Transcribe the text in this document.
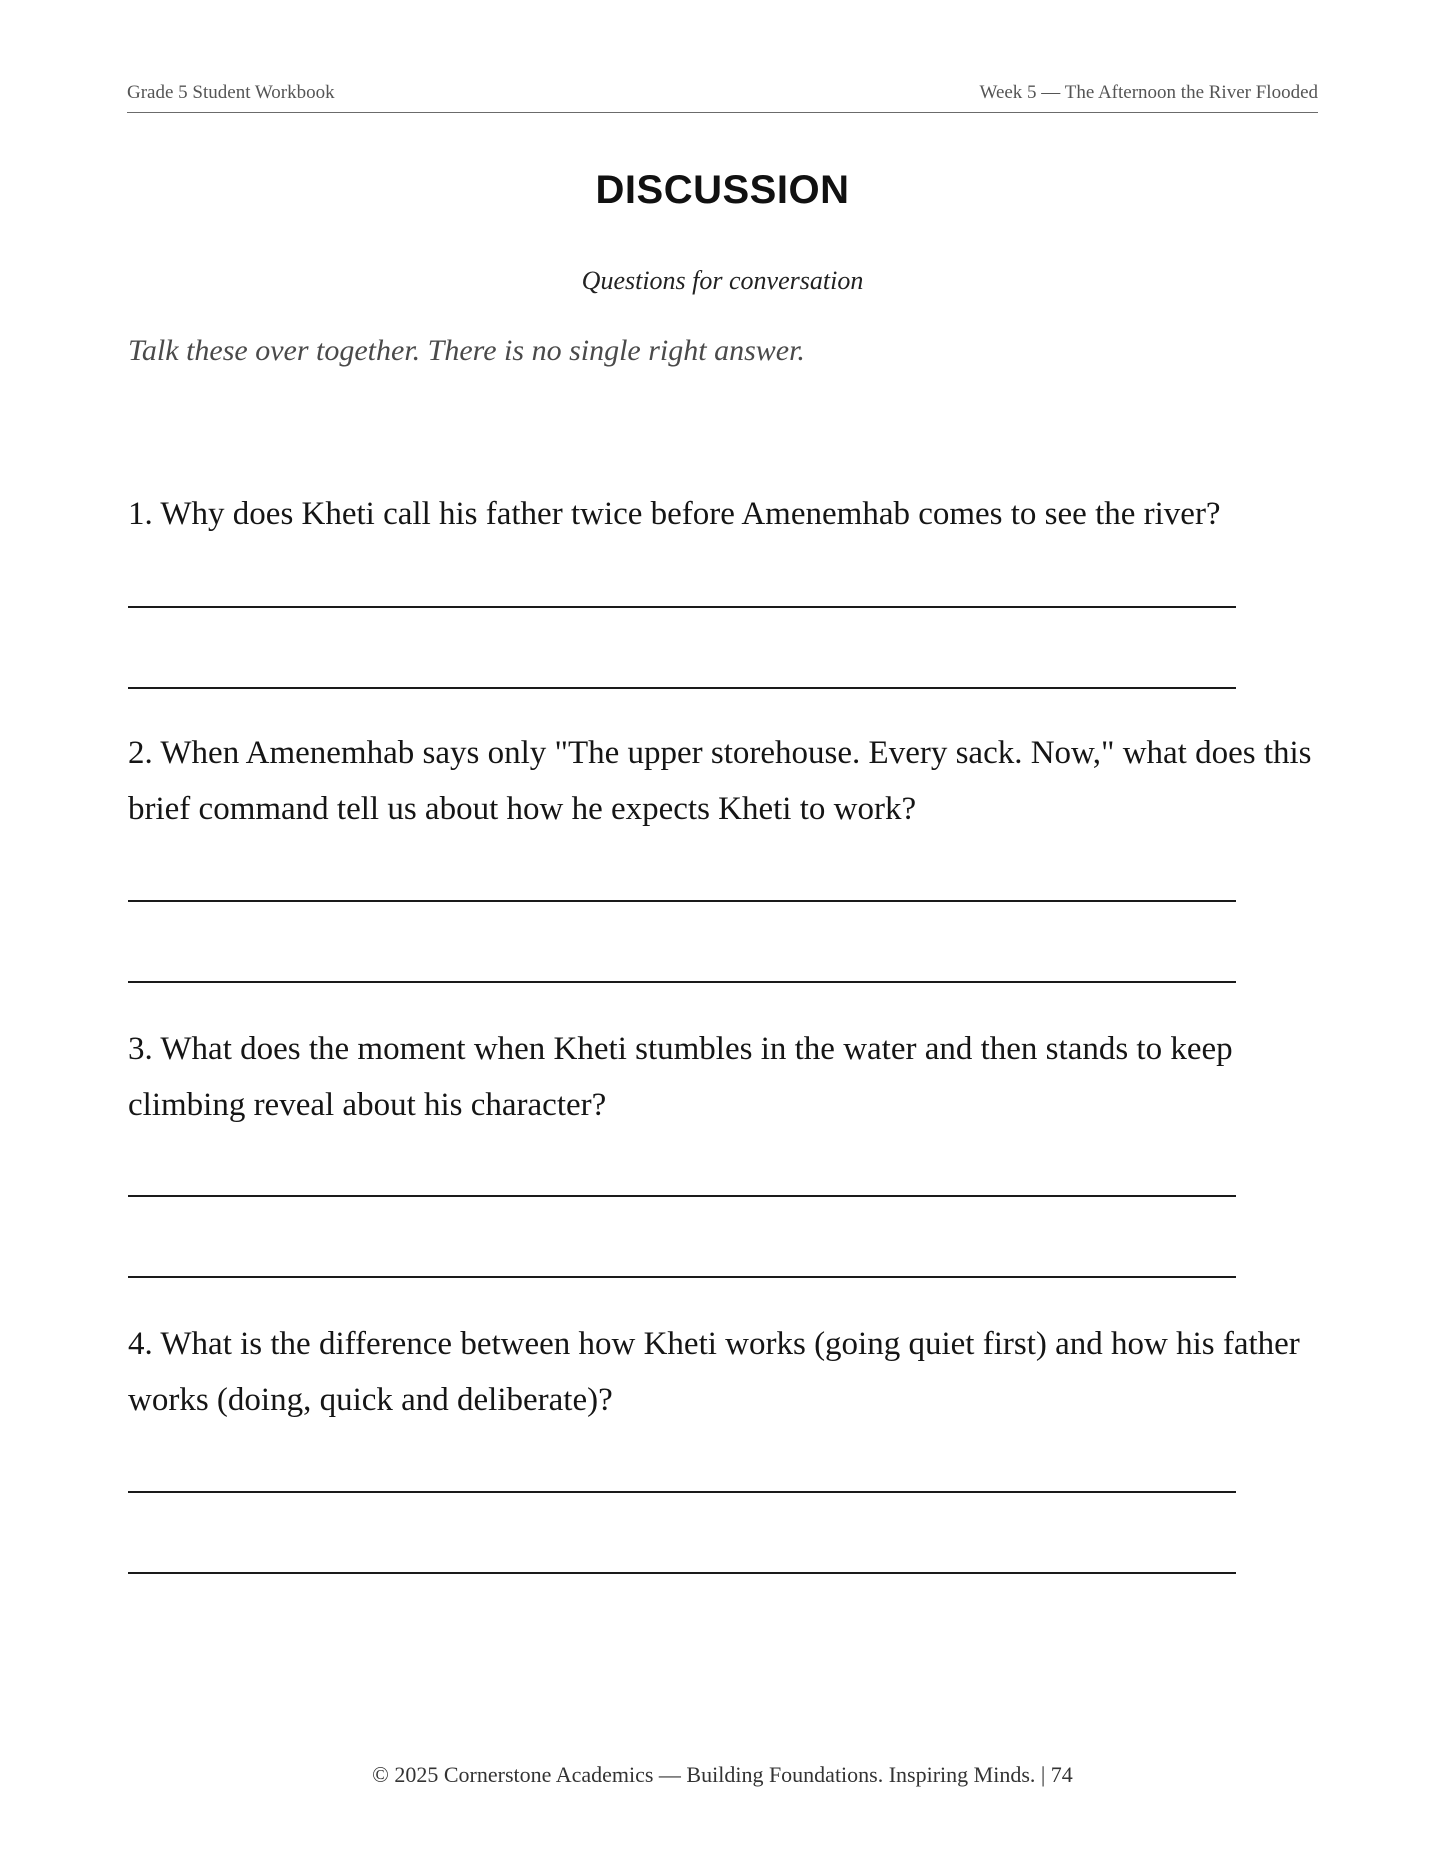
Grade 5 Student Workbook	Week 5 — The Afternoon the River Flooded
DISCUSSION
Questions for conversation
Talk these over together. There is no single right answer.
1. Why does Kheti call his father twice before Amenemhab comes to see the river?
2. When Amenemhab says only "The upper storehouse. Every sack. Now," what does this brief command tell us about how he expects Kheti to work?
3. What does the moment when Kheti stumbles in the water and then stands to keep climbing reveal about his character?
4. What is the difference between how Kheti works (going quiet first) and how his father works (doing, quick and deliberate)?
© 2025 Cornerstone Academics — Building Foundations. Inspiring Minds. | 74
